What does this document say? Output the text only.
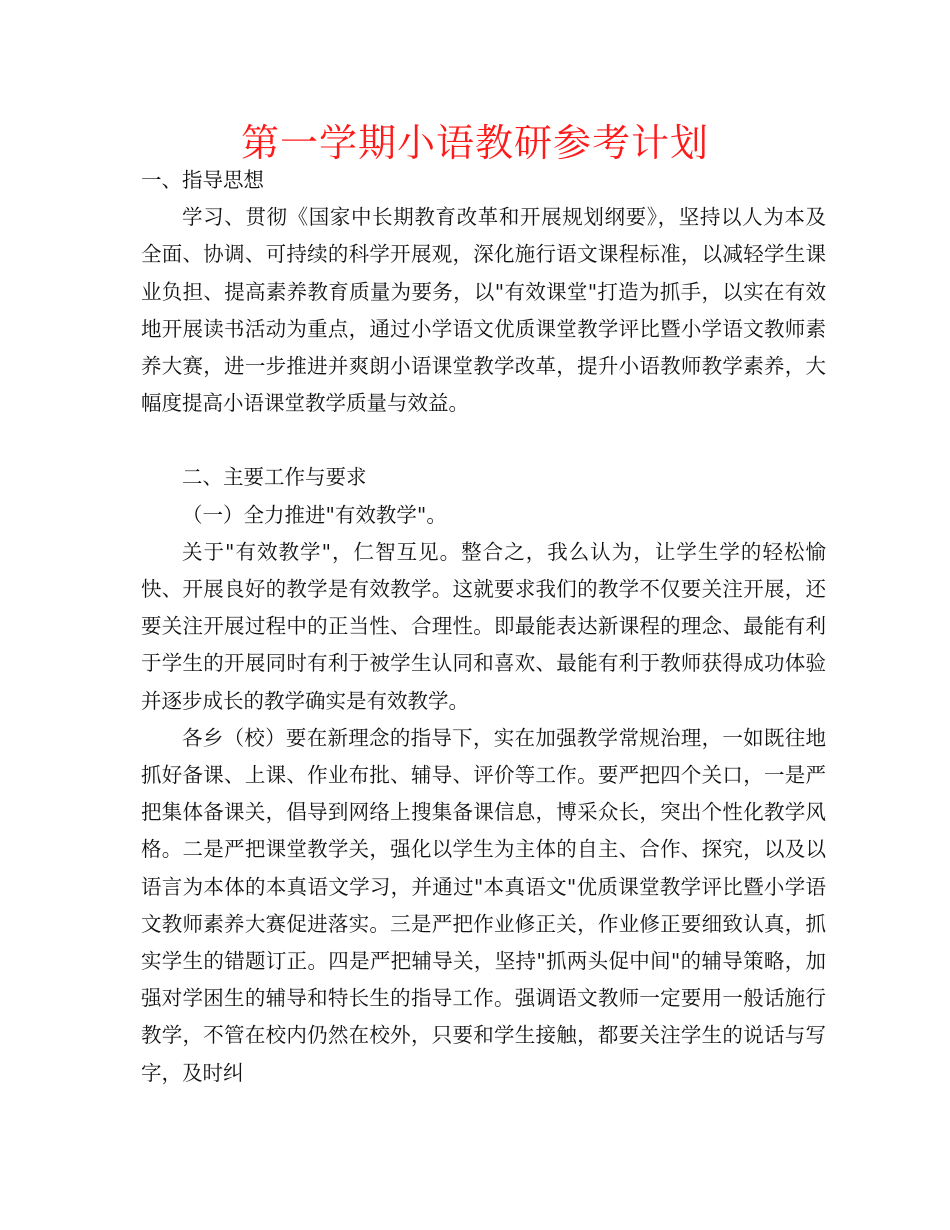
第一学期小语教研参考计划

一、指导思想

学习、贯彻《国家中长期教育改革和开展规划纲要》，坚持以人为本及全面、协调、可持续的科学开展观，深化施行语文课程标准，以减轻学生课业负担、提高素养教育质量为要务，以"有效课堂"打造为抓手，以实在有效地开展读书活动为重点，通过小学语文优质课堂教学评比暨小学语文教师素养大赛，进一步推进并爽朗小语课堂教学改革，提升小语教师教学素养，大幅度提高小语课堂教学质量与效益。

二、主要工作与要求

（一）全力推进"有效教学"。

关于"有效教学"，仁智互见。整合之，我么认为，让学生学的轻松愉快、开展良好的教学是有效教学。这就要求我们的教学不仅要关注开展，还要关注开展过程中的正当性、合理性。即最能表达新课程的理念、最能有利于学生的开展同时有利于被学生认同和喜欢、最能有利于教师获得成功体验并逐步成长的教学确实是有效教学。

各乡（校）要在新理念的指导下，实在加强教学常规治理，一如既往地抓好备课、上课、作业布批、辅导、评价等工作。要严把四个关口，一是严把集体备课关，倡导到网络上搜集备课信息，博采众长，突出个性化教学风格。二是严把课堂教学关，强化以学生为主体的自主、合作、探究，以及以语言为本体的本真语文学习，并通过"本真语文"优质课堂教学评比暨小学语文教师素养大赛促进落实。三是严把作业修正关，作业修正要细致认真，抓实学生的错题订正。四是严把辅导关，坚持"抓两头促中间"的辅导策略，加强对学困生的辅导和特长生的指导工作。强调语文教师一定要用一般话施行教学，不管在校内仍然在校外，只要和学生接触，都要关注学生的说话与写字，及时纠
